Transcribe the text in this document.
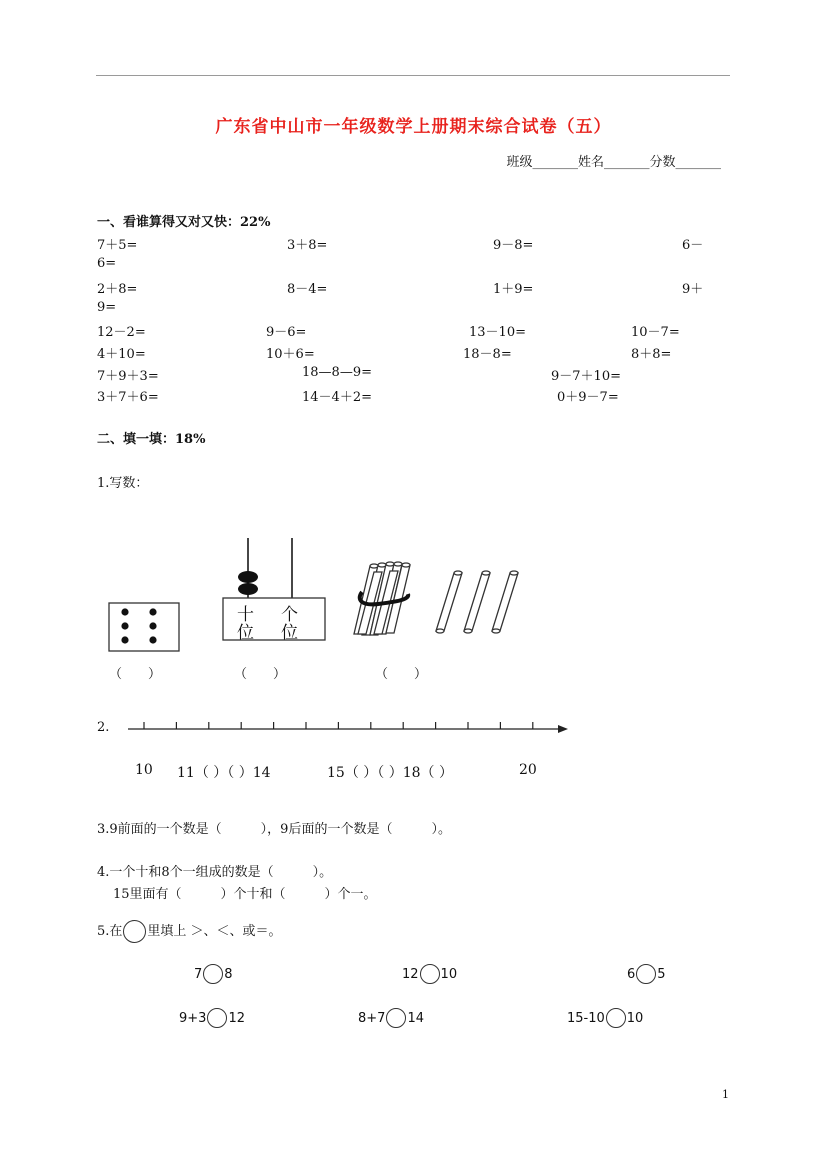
广东省中山市一年级数学上册期末综合试卷（五）
班级_______姓名_______分数_______
一、看谁算得又对又快：22%
7＋5=	3＋8=	9－8=	6－
6=
2＋8=	8－4=	1＋9=	9＋
9=
12－2=	9－6=	13－10=	10－7=
4＋10=	10＋6=	18－8=	8＋8=
7＋9＋3=	18—8—9=	9－7＋10=
3＋7＋6=	14－4＋2=	0＋9－7=
二、填一填：18%
1.写数：
十
位
个
位
（　　）	（　　）	（　　）
2.
10 11（ ）（ ）14	15（ ）（ ）18（ ）	20
3.9前面的一个数是（　　　），9后面的一个数是（　　　）。
4.一个十和8个一组成的数是（　　　）。
15里面有（　　　）个十和（　　　）个一。
5.在 里填上 ＞、＜、或＝。
7 8	12 10	6 5
9+3 12	8+7 14	15-10 10
1
